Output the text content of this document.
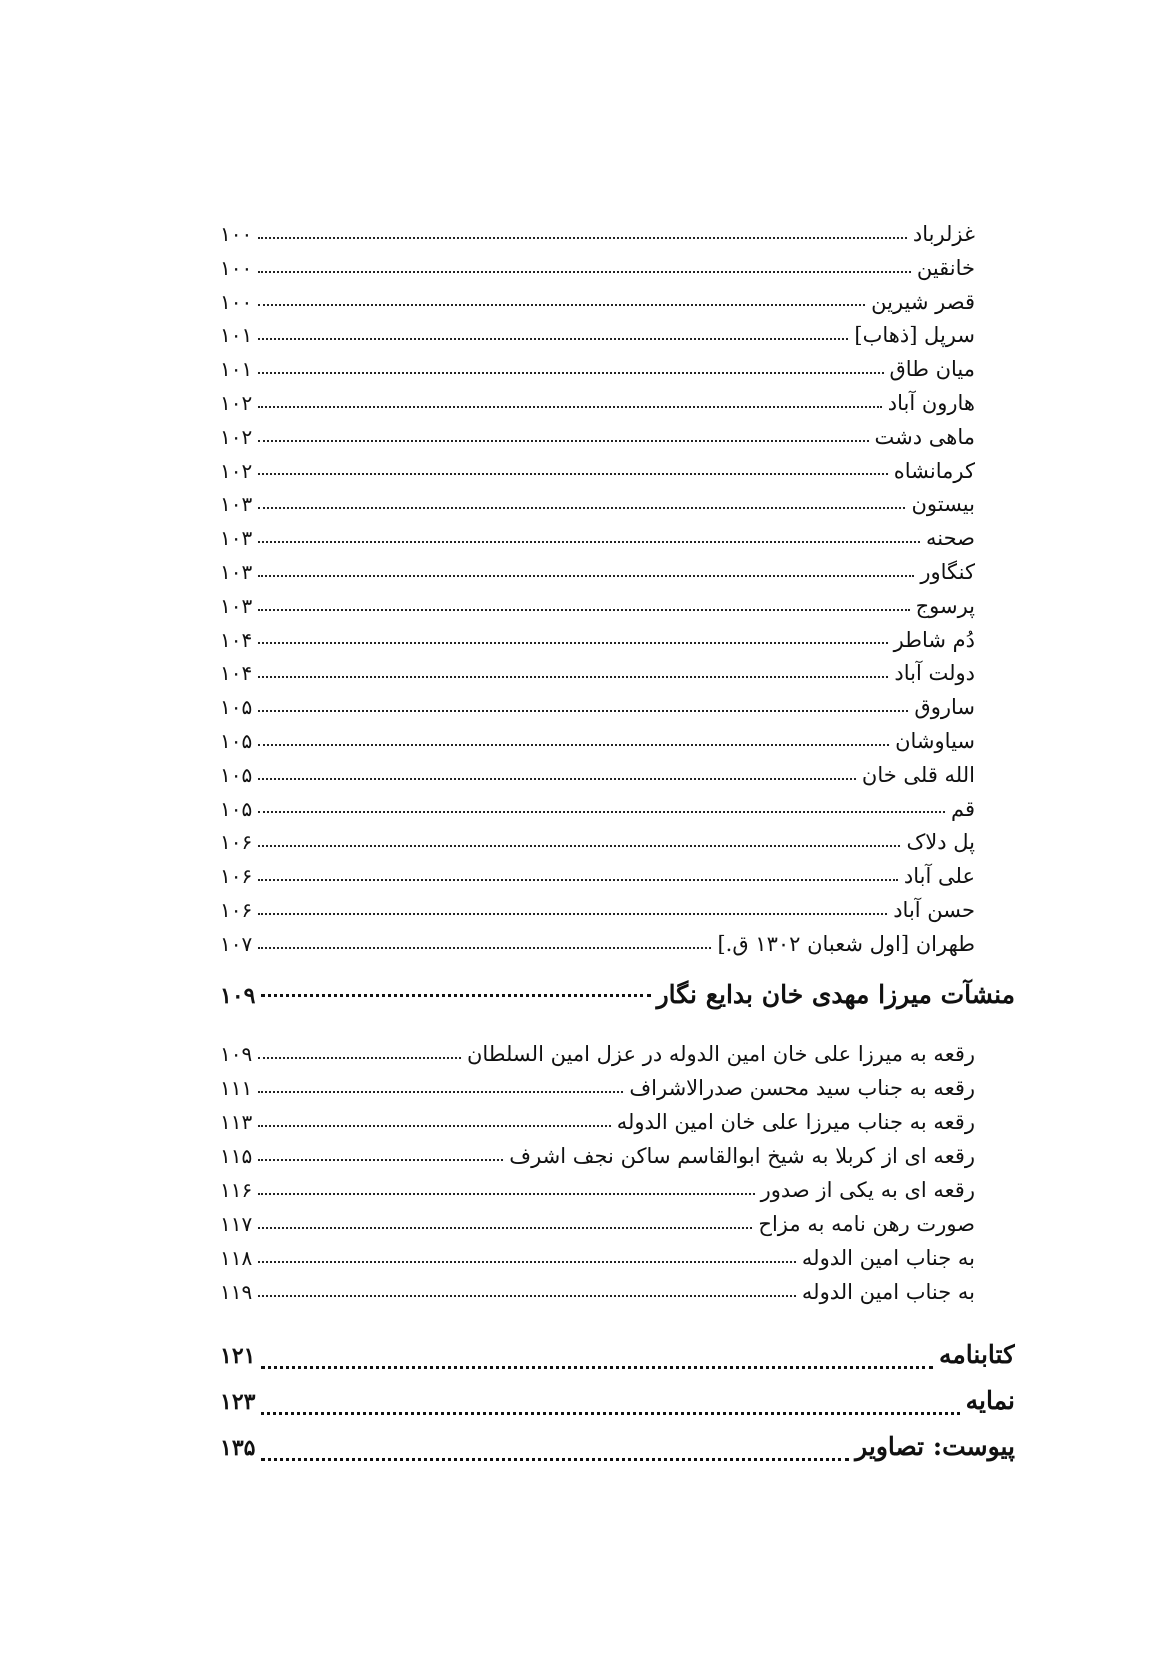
غزلرباد
۱۰۰
خانقین
۱۰۰
قصر شیرین
۱۰۰
سرپل [ذهاب]
۱۰۱
میان طاق
۱۰۱
هارون آباد
۱۰۲
ماهی دشت
۱۰۲
کرمانشاه
۱۰۲
بیستون
۱۰۳
صحنه
۱۰۳
کنگاور
۱۰۳
پرسوج
۱۰۳
دُم شاطر
۱۰۴
دولت آباد
۱۰۴
ساروق
۱۰۵
سیاوشان
۱۰۵
الله قلی خان
۱۰۵
قم
۱۰۵
پل دلاک
۱۰۶
علی آباد
۱۰۶
حسن آباد
۱۰۶
طهران [اول شعبان ۱۳۰۲ ق.]
۱۰۷
منشآت میرزا مهدی خان بدایع نگار
۱۰۹
رقعه به میرزا علی خان امین الدوله در عزل امین السلطان
۱۰۹
رقعه به جناب سید محسن صدرالاشراف
۱۱۱
رقعه به جناب میرزا علی خان امین الدوله
۱۱۳
رقعه ای از کربلا به شیخ ابوالقاسم ساکن نجف اشرف
۱۱۵
رقعه ای به یکی از صدور
۱۱۶
صورت رهن نامه به مزاح
۱۱۷
به جناب امین الدوله
۱۱۸
به جناب امین الدوله
۱۱۹
کتابنامه
۱۲۱
نمایه
۱۲۳
پیوست: تصاویر
۱۳۵
